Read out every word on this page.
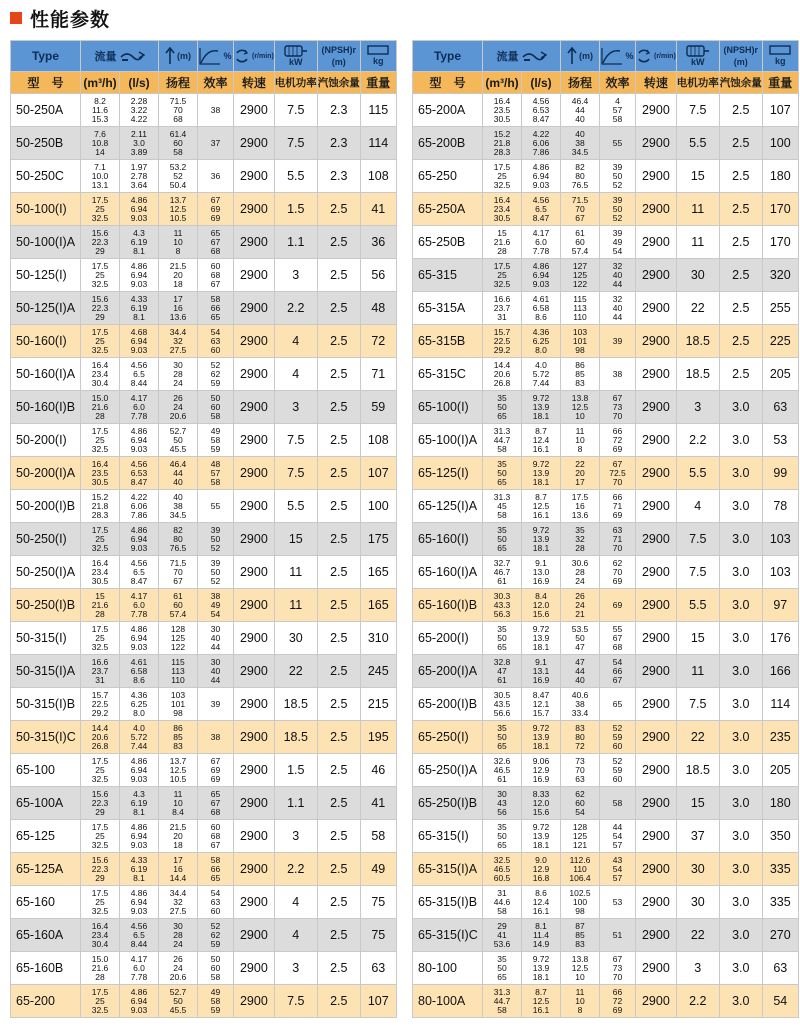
性能参数
Type	流量		(m)	%	(r/min)	kW	(NPSH)r
(m)	kg

型　号	(m³/h)	(l/s)	扬程	效率	转速	电机功率	汽蚀余量	重量
50-250A	8.2
11.6
15.3	2.28
3.22
4.22	71.5
70
68	38	2900	7.5	2.3	115
50-250B	7.6
10.8
14	2.11
3.0
3.89	61.4
60
58	37	2900	7.5	2.3	114
50-250C	7.1
10.0
13.1	1.97
2.78
3.64	53.2
52
50.4	36	2900	5.5	2.3	108
50-100(I)	17.5
25
32.5	4.86
6.94
9.03	13.7
12.5
10.5	67
69
69	2900	1.5	2.5	41
50-100(I)A	15.6
22.3
29	4.3
6.19
8.1	11
10
8	65
67
68	2900	1.1	2.5	36
50-125(I)	17.5
25
32.5	4.86
6.94
9.03	21.5
20
18	60
68
67	2900	3	2.5	56
50-125(I)A	15.6
22.3
29	4.33
6.19
8.1	17
16
13.6	58
66
65	2900	2.2	2.5	48
50-160(I)	17.5
25
32.5	4.68
6.94
9.03	34.4
32
27.5	54
63
60	2900	4	2.5	72
50-160(I)A	16.4
23.4
30.4	4.56
6.5
8.44	30
28
24	52
62
59	2900	4	2.5	71
50-160(I)B	15.0
21.6
28	4.17
6.0
7.78	26
24
20.6	50
60
58	2900	3	2.5	59
50-200(I)	17.5
25
32.5	4.86
6.94
9.03	52.7
50
45.5	49
58
59	2900	7.5	2.5	108
50-200(I)A	16.4
23.5
30.5	4.56
6.53
8.47	46.4
44
40	48
57
58	2900	7.5	2.5	107
50-200(I)B	15.2
21.8
28.3	4.22
6.06
7.86	40
38
34.5	55	2900	5.5	2.5	100
50-250(I)	17.5
25
32.5	4.86
6.94
9.03	82
80
76.5	39
50
52	2900	15	2.5	175
50-250(I)A	16.4
23.4
30.5	4.56
6.5
8.47	71.5
70
67	39
50
52	2900	11	2.5	165
50-250(I)B	15
21.6
28	4.17
6.0
7.78	61
60
57.4	38
49
54	2900	11	2.5	165
50-315(I)	17.5
25
32.5	4.86
6.94
9.03	128
125
122	30
40
44	2900	30	2.5	310
50-315(I)A	16.6
23.7
31	4.61
6.58
8.6	115
113
110	30
40
44	2900	22	2.5	245
50-315(I)B	15.7
22.5
29.2	4.36
6.25
8.0	103
101
98	39	2900	18.5	2.5	215
50-315(I)C	14.4
20.6
26.8	4.0
5.72
7.44	86
85
83	38	2900	18.5	2.5	195
65-100	17.5
25
32.5	4.86
6.94
9.03	13.7
12.5
10.5	67
69
69	2900	1.5	2.5	46
65-100A	15.6
22.3
29	4.3
6.19
8.1	11
10
8.4	65
67
68	2900	1.1	2.5	41
65-125	17.5
25
32.5	4.86
6.94
9.03	21.5
20
18	60
68
67	2900	3	2.5	58
65-125A	15.6
22.3
29	4.33
6.19
8.1	17
16
14.4	58
66
65	2900	2.2	2.5	49
65-160	17.5
25
32.5	4.86
6.94
9.03	34.4
32
27.5	54
63
60	2900	4	2.5	75
65-160A	16.4
23.4
30.4	4.56
6.5
8.44	30
28
24	52
62
59	2900	4	2.5	75
65-160B	15.0
21.6
28	4.17
6.0
7.78	26
24
20.6	50
60
58	2900	3	2.5	63
65-200	17.5
25
32.5	4.86
6.94
9.03	52.7
50
45.5	49
58
59	2900	7.5	2.5	107
Type	流量		(m)	%	(r/min)	kW	(NPSH)r
(m)	kg

型　号	(m³/h)	(l/s)	扬程	效率	转速	电机功率	汽蚀余量	重量
65-200A	16.4
23.5
30.5	4.56
6.53
8.47	46.4
44
40	4
57
58	2900	7.5	2.5	107
65-200B	15.2
21.8
28.3	4.22
6.06
7.86	40
38
34.5	55	2900	5.5	2.5	100
65-250	17.5
25
32.5	4.86
6.94
9.03	82
80
76.5	39
50
52	2900	15	2.5	180
65-250A	16.4
23.4
30.5	4.56
6.5
8.47	71.5
70
67	39
50
52	2900	11	2.5	170
65-250B	15
21.6
28	4.17
6.0
7.78	61
60
57.4	39
49
54	2900	11	2.5	170
65-315	17.5
25
32.5	4.86
6.94
9.03	127
125
122	32
40
44	2900	30	2.5	320
65-315A	16.6
23.7
31	4.61
6.58
8.6	115
113
110	32
40
44	2900	22	2.5	255
65-315B	15.7
22.5
29.2	4.36
6.25
8.0	103
101
98	39	2900	18.5	2.5	225
65-315C	14.4
20.6
26.8	4.0
5.72
7.44	86
85
83	38	2900	18.5	2.5	205
65-100(I)	35
50
65	9.72
13.9
18.1	13.8
12.5
10	67
73
70	2900	3	3.0	63
65-100(I)A	31.3
44.7
58	8.7
12.4
16.1	11
10
8	66
72
69	2900	2.2	3.0	53
65-125(I)	35
50
65	9.72
13.9
18.1	22
20
17	67
72.5
70	2900	5.5	3.0	99
65-125(I)A	31.3
45
58	8.7
12.5
16.1	17.5
16
13.6	66
71
69	2900	4	3.0	78
65-160(I)	35
50
65	9.72
13.9
18.1	35
32
28	63
71
70	2900	7.5	3.0	103
65-160(I)A	32.7
46.7
61	9.1
13.0
16.9	30.6
28
24	62
70
69	2900	7.5	3.0	103
65-160(I)B	30.3
43.3
56.3	8.4
12.0
15.6	26
24
21	69	2900	5.5	3.0	97
65-200(I)	35
50
65	9.72
13.9
18.1	53.5
50
47	55
67
68	2900	15	3.0	176
65-200(I)A	32.8
47
61	9.1
13.1
16.9	47
44
40	54
66
67	2900	11	3.0	166
65-200(I)B	30.5
43.5
56.6	8.47
12.1
15.7	40.6
38
33.4	65	2900	7.5	3.0	114
65-250(I)	35
50
65	9.72
13.9
18.1	83
80
72	52
59
60	2900	22	3.0	235
65-250(I)A	32.6
46.5
61	9.06
12.9
16.9	73
70
63	52
59
60	2900	18.5	3.0	205
65-250(I)B	30
43
56	8.33
12.0
15.6	62
60
54	58	2900	15	3.0	180
65-315(I)	35
50
65	9.72
13.9
18.1	128
125
121	44
54
57	2900	37	3.0	350
65-315(I)A	32.5
46.5
60.5	9.0
12.9
16.8	112.6
110
106.4	43
54
57	2900	30	3.0	335
65-315(I)B	31
44.6
58	8.6
12.4
16.1	102.5
100
98	53	2900	30	3.0	335
65-315(I)C	29
41
53.6	8.1
11.4
14.9	87
85
83	51	2900	22	3.0	270
80-100	35
50
65	9.72
13.9
18.1	13.8
12.5
10	67
73
70	2900	3	3.0	63
80-100A	31.3
44.7
58	8.7
12.5
16.1	11
10
8	66
72
69	2900	2.2	3.0	54
